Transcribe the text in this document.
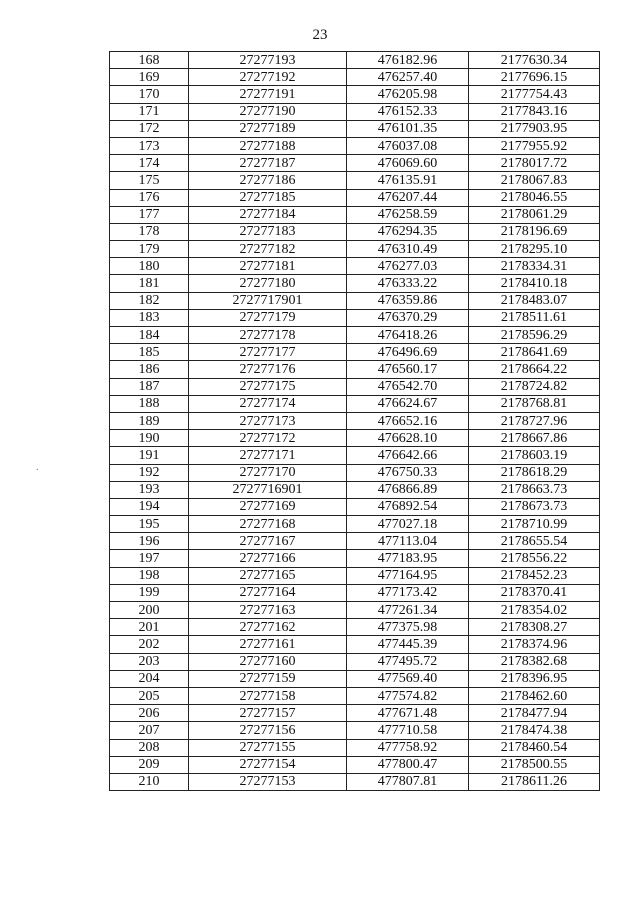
23
.
168	27277193	476182.96	2177630.34
169	27277192	476257.40	2177696.15
170	27277191	476205.98	2177754.43
171	27277190	476152.33	2177843.16
172	27277189	476101.35	2177903.95
173	27277188	476037.08	2177955.92
174	27277187	476069.60	2178017.72
175	27277186	476135.91	2178067.83
176	27277185	476207.44	2178046.55
177	27277184	476258.59	2178061.29
178	27277183	476294.35	2178196.69
179	27277182	476310.49	2178295.10
180	27277181	476277.03	2178334.31
181	27277180	476333.22	2178410.18
182	2727717901	476359.86	2178483.07
183	27277179	476370.29	2178511.61
184	27277178	476418.26	2178596.29
185	27277177	476496.69	2178641.69
186	27277176	476560.17	2178664.22
187	27277175	476542.70	2178724.82
188	27277174	476624.67	2178768.81
189	27277173	476652.16	2178727.96
190	27277172	476628.10	2178667.86
191	27277171	476642.66	2178603.19
192	27277170	476750.33	2178618.29
193	2727716901	476866.89	2178663.73
194	27277169	476892.54	2178673.73
195	27277168	477027.18	2178710.99
196	27277167	477113.04	2178655.54
197	27277166	477183.95	2178556.22
198	27277165	477164.95	2178452.23
199	27277164	477173.42	2178370.41
200	27277163	477261.34	2178354.02
201	27277162	477375.98	2178308.27
202	27277161	477445.39	2178374.96
203	27277160	477495.72	2178382.68
204	27277159	477569.40	2178396.95
205	27277158	477574.82	2178462.60
206	27277157	477671.48	2178477.94
207	27277156	477710.58	2178474.38
208	27277155	477758.92	2178460.54
209	27277154	477800.47	2178500.55
210	27277153	477807.81	2178611.26
